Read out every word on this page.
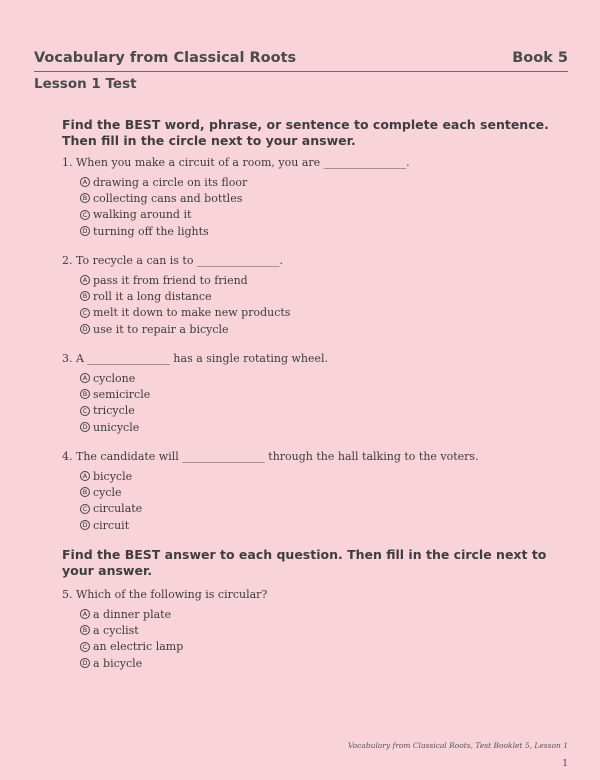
Vocabulary from Classical Roots	Book 5
Lesson 1 Test
Find the BEST word, phrase, or sentence to complete each sentence. Then fill in the circle next to your answer.
1. When you make a circuit of a room, you are _______________.
A drawing a circle on its floor
B collecting cans and bottles
C walking around it
D turning off the lights
2. To recycle a can is to _______________.
A pass it from friend to friend
B roll it a long distance
C melt it down to make new products
D use it to repair a bicycle
3. A _______________ has a single rotating wheel.
A cyclone
B semicircle
C tricycle
D unicycle
4. The candidate will _______________ through the hall talking to the voters.
A bicycle
B cycle
C circulate
D circuit
Find the BEST answer to each question. Then fill in the circle next to your answer.
5. Which of the following is circular?
A a dinner plate
B a cyclist
C an electric lamp
D a bicycle
Vocabulary from Classical Roots, Test Booklet 5, Lesson 1
1
